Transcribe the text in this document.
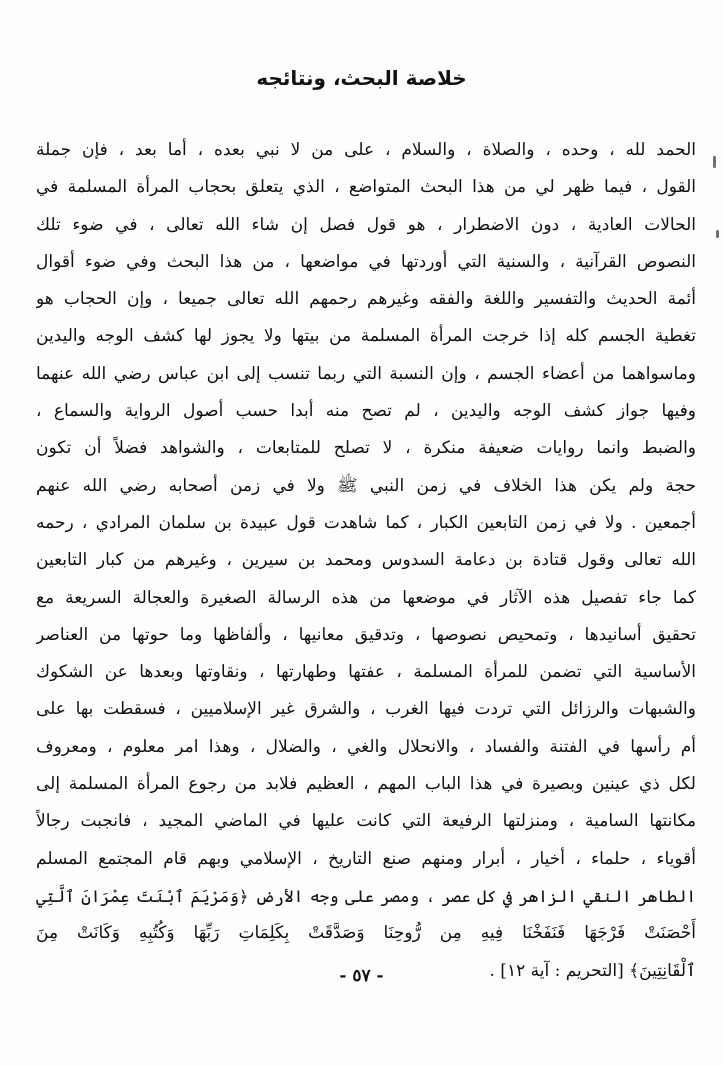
خلاصة البحث، ونتائجه
الحمد لله ، وحده ، والصلاة ، والسلام ، على من لا نبي بعده ، أما بعد ، فإن جملة
القول ، فيما ظهر لي من هذا البحث المتواضع ، الذي يتعلق بحجاب المرأة المسلمة في
الحالات العادية ، دون الاضطرار ، هو قول فصل إن شاء الله تعالى ، في ضوء تلك
النصوص القرآنية ، والسنية التي أوردتها في مواضعها ، من هذا البحث وفي ضوء أقوال
أئمة الحديث والتفسير واللغة والفقه وغيرهم رحمهم الله تعالى جميعا ، وإن الحجاب هو
تغطية الجسم كله إذا خرجت المرأة المسلمة من بيتها ولا يجوز لها كشف الوجه واليدين
وماسواهما من أعضاء الجسم ، وإن النسبة التي ربما تنسب إلى ابن عباس رضي الله عنهما
وفيها جواز كشف الوجه واليدين ، لم تصح منه أبدا حسب أصول الرواية والسماع ،
والضبط وانما روايات ضعيفة منكرة ، لا تصلح للمتابعات ، والشواهد فضلاً أن تكون
حجة ولم يكن هذا الخلاف في زمن النبي ﷺ ولا في زمن أصحابه رضي الله عنهم
أجمعين . ولا في زمن التابعين الكبار ، كما شاهدت قول عبيدة بن سلمان المرادي ، رحمه
الله تعالى وقول قتادة بن دعامة السدوس ومحمد بن سيرين ، وغيرهم من كبار التابعين
كما جاء تفصيل هذه الآثار في موضعها من هذه الرسالة الصغيرة والعجالة السريعة مع
تحقيق أسانيدها ، وتمحيص نصوصها ، وتدقيق معانيها ، وألفاظها وما حوتها من العناصر
الأساسية التي تضمن للمرأة المسلمة ، عفتها وطهارتها ، ونقاوتها وبعدها عن الشكوك
والشبهات والرزائل التي تردت فيها الغرب ، والشرق غير الإسلاميين ، فسقطت بها على
أم رأسها في الفتنة والفساد ، والانحلال والغي ، والضلال ، وهذا امر معلوم ، ومعروف
لكل ذي عينين وبصيرة في هذا الباب المهم ، العظيم فلابد من رجوع المرأة المسلمة إلى
مكانتها السامية ، ومنزلتها الرفيعة التي كانت عليها في الماضي المجيد ، فانجبت رجالاً
أقوياء ، حلماء ، أخيار ، أبرار ومنهم صنع التاريخ ، الإسلامي وبهم قام المجتمع المسلم
الطاهر النقي الزاهر في كل عصر ، ومصر على وجه الأرض ﴿وَمَرْيَمَ ٱبْنَتَ عِمْرَانَ ٱلَّتِي
أَحْصَنَتْ فَرْجَهَا فَنَفَخْنَا فِيهِ مِن رُّوحِنَا وَصَدَّقَتْ بِكَلِمَاتِ رَبِّهَا وَكُتُبِهِ وَكَانَتْ مِنَ
ٱلْقَانِتِينَ﴾ [التحريم : آية ١٢] .
- ٥٧ -
